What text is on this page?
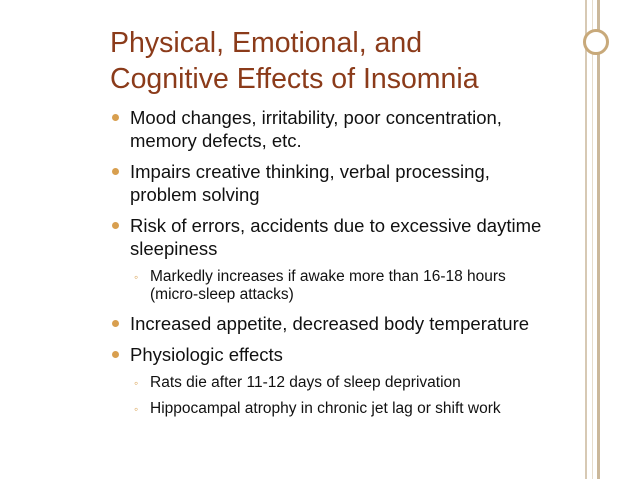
Physical, Emotional, and
Cognitive Effects of Insomnia
Mood changes, irritability, poor concentration,
memory defects, etc.
Impairs creative thinking, verbal processing,
problem solving
Risk of errors, accidents due to excessive daytime
sleepiness
◦ Markedly increases if awake more than 16-18 hours
(micro-sleep attacks)
Increased appetite, decreased body temperature
Physiologic effects
◦ Rats die after 11-12 days of sleep deprivation
◦ Hippocampal atrophy in chronic jet lag or shift work
